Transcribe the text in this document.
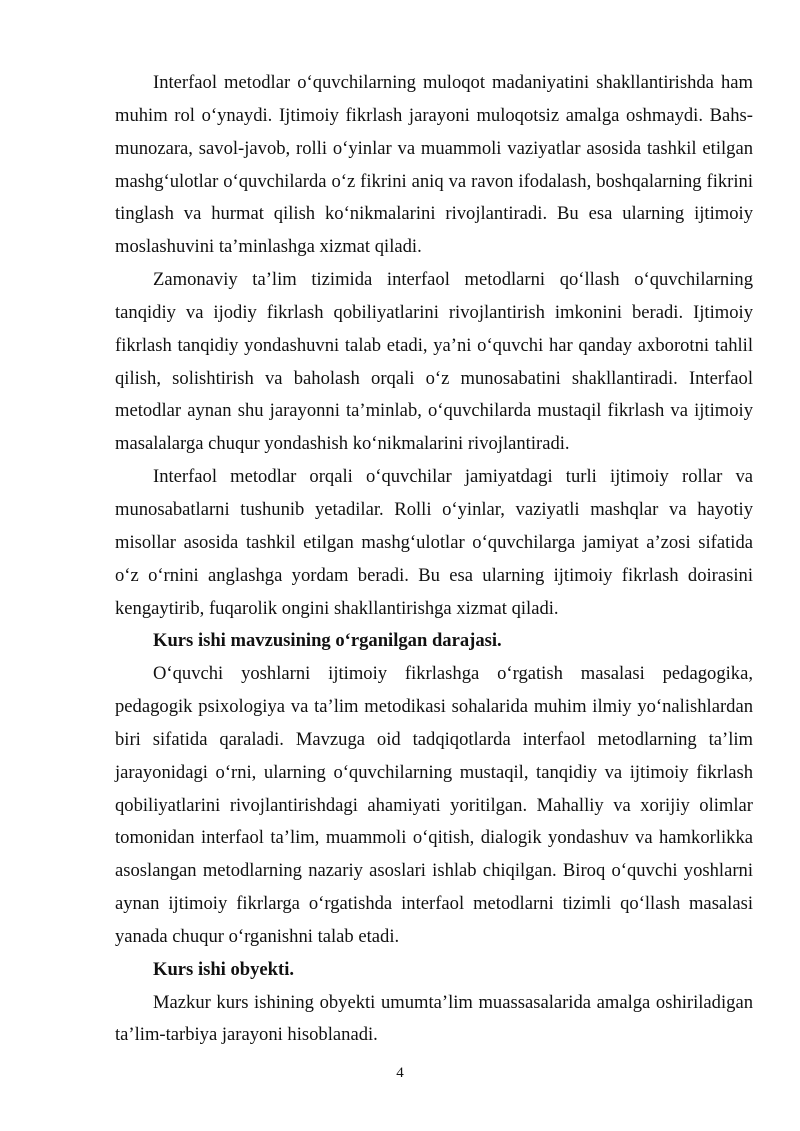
Interfaol metodlar o‘quvchilarning muloqot madaniyatini shakllantirishda ham muhim rol o‘ynaydi. Ijtimoiy fikrlash jarayoni muloqotsiz amalga oshmaydi. Bahs-munozara, savol-javob, rolli o‘yinlar va muammoli vaziyatlar asosida tashkil etilgan mashg‘ulotlar o‘quvchilarda o‘z fikrini aniq va ravon ifodalash, boshqalarning fikrini tinglash va hurmat qilish ko‘nikmalarini rivojlantiradi. Bu esa ularning ijtimoiy moslashuvini ta’minlashga xizmat qiladi.

Zamonaviy ta’lim tizimida interfaol metodlarni qo‘llash o‘quvchilarning tanqidiy va ijodiy fikrlash qobiliyatlarini rivojlantirish imkonini beradi. Ijtimoiy fikrlash tanqidiy yondashuvni talab etadi, ya’ni o‘quvchi har qanday axborotni tahlil qilish, solishtirish va baholash orqali o‘z munosabatini shakllantiradi. Interfaol metodlar aynan shu jarayonni ta’minlab, o‘quvchilarda mustaqil fikrlash va ijtimoiy masalalarga chuqur yondashish ko‘nikmalarini rivojlantiradi.

Interfaol metodlar orqali o‘quvchilar jamiyatdagi turli ijtimoiy rollar va munosabatlarni tushunib yetadilar. Rolli o‘yinlar, vaziyatli mashqlar va hayotiy misollar asosida tashkil etilgan mashg‘ulotlar o‘quvchilarga jamiyat a’zosi sifatida o‘z o‘rnini anglashga yordam beradi. Bu esa ularning ijtimoiy fikrlash doirasini kengaytirib, fuqarolik ongini shakllantirishga xizmat qiladi.

Kurs ishi mavzusining o‘rganilgan darajasi.

O‘quvchi yoshlarni ijtimoiy fikrlashga o‘rgatish masalasi pedagogika, pedagogik psixologiya va ta’lim metodikasi sohalarida muhim ilmiy yo‘nalishlardan biri sifatida qaraladi. Mavzuga oid tadqiqotlarda interfaol metodlarning ta’lim jarayonidagi o‘rni, ularning o‘quvchilarning mustaqil, tanqidiy va ijtimoiy fikrlash qobiliyatlarini rivojlantirishdagi ahamiyati yoritilgan. Mahalliy va xorijiy olimlar tomonidan interfaol ta’lim, muammoli o‘qitish, dialogik yondashuv va hamkorlikka asoslangan metodlarning nazariy asoslari ishlab chiqilgan. Biroq o‘quvchi yoshlarni aynan ijtimoiy fikrlarga o‘rgatishda interfaol metodlarni tizimli qo‘llash masalasi yanada chuqur o‘rganishni talab etadi.

Kurs ishi obyekti.

Mazkur kurs ishining obyekti umumta’lim muassasalarida amalga oshiriladigan ta’lim-tarbiya jarayoni hisoblanadi.

4
